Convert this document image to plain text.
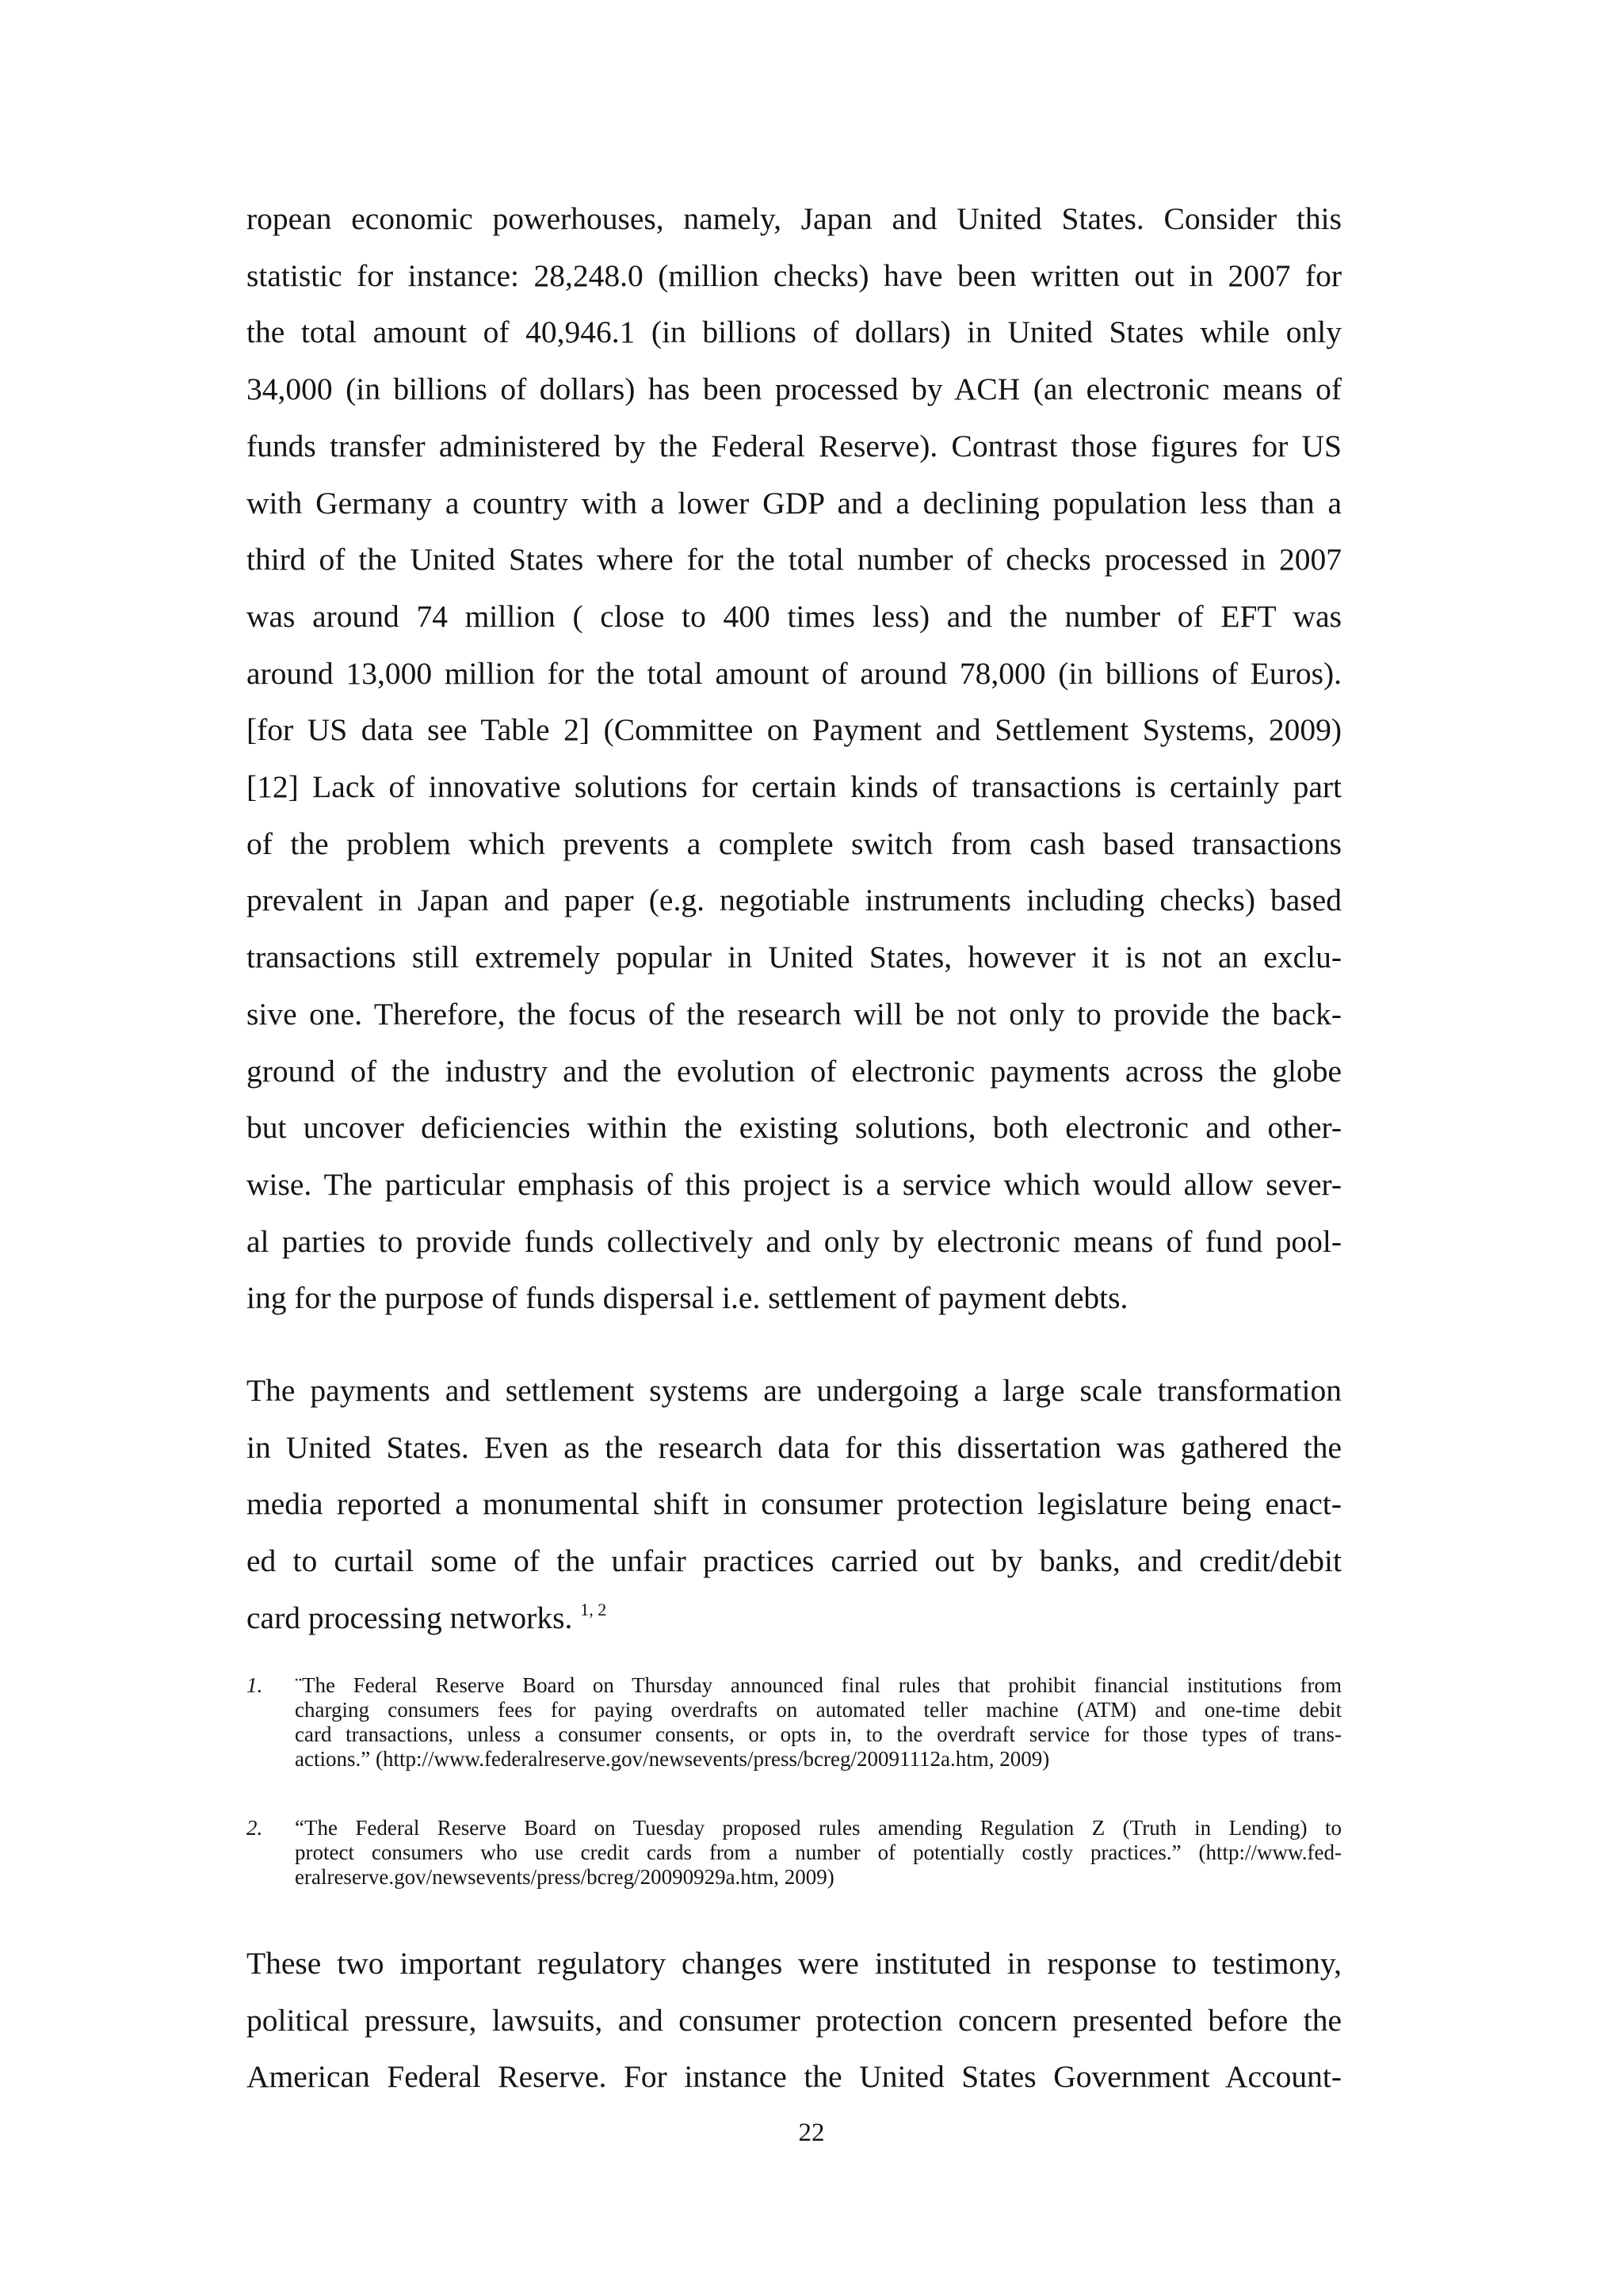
ropean economic powerhouses, namely, Japan and United States. Consider this
statistic for instance: 28,248.0 (million checks) have been written out in 2007 for
the total amount of 40,946.1 (in billions of dollars) in United States while only
34,000 (in billions of dollars) has been processed by ACH (an electronic means of
funds transfer administered by the Federal Reserve). Contrast those figures for US
with Germany a country with a lower GDP and a declining population less than a
third of the United States where for the total number of checks processed in 2007
was around 74 million ( close to 400 times less) and the number of EFT was
around 13,000 million for the total amount of around 78,000 (in billions of Euros).
[for US data see Table 2] (Committee on Payment and Settlement Systems, 2009)
[12] Lack of innovative solutions for certain kinds of transactions is certainly part
of the problem which prevents a complete switch from cash based transactions
prevalent in Japan and paper (e.g. negotiable instruments including checks) based
transactions still extremely popular in United States, however it is not an exclu-
sive one. Therefore, the focus of the research will be not only to provide the back-
ground of the industry and the evolution of electronic payments across the globe
but uncover deficiencies within the existing solutions, both electronic and other-
wise. The particular emphasis of this project is a service which would allow sever-
al parties to provide funds collectively and only by electronic means of fund pool-
ing for the purpose of funds dispersal i.e. settlement of payment debts.
The payments and settlement systems are undergoing a large scale transformation
in United States. Even as the research data for this dissertation was gathered the
media reported a monumental shift in consumer protection legislature being enact-
ed to curtail some of the unfair practices carried out by banks, and credit/debit
card processing networks. $^{1, 2}$
1. ¨The Federal Reserve Board on Thursday announced final rules that prohibit financial institutions from
charging consumers fees for paying overdrafts on automated teller machine (ATM) and one-time debit
card transactions, unless a consumer consents, or opts in, to the overdraft service for those types of trans-
actions.” (http://www.federalreserve.gov/newsevents/press/bcreg/20091112a.htm, 2009)
2. “The Federal Reserve Board on Tuesday proposed rules amending Regulation Z (Truth in Lending) to
protect consumers who use credit cards from a number of potentially costly practices.” (http://www.fed-
eralreserve.gov/newsevents/press/bcreg/20090929a.htm, 2009)
These two important regulatory changes were instituted in response to testimony,
political pressure, lawsuits, and consumer protection concern presented before the
American Federal Reserve. For instance the United States Government Account-
22
